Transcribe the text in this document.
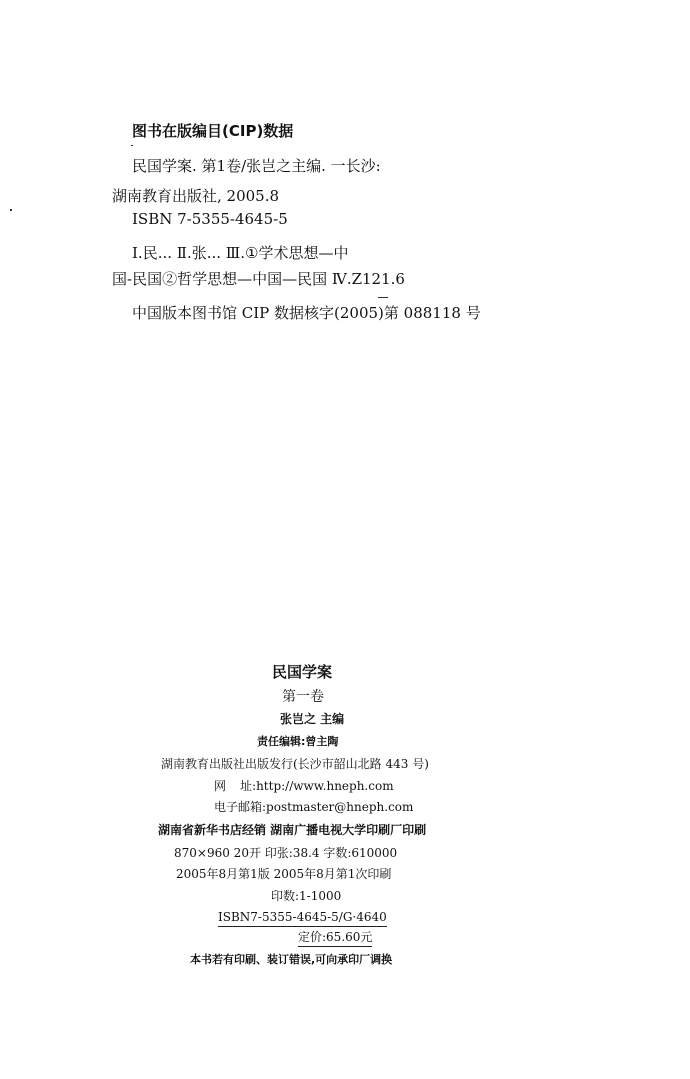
图书在版编目(CIP)数据
民国学案. 第1卷/张岂之主编. 一长沙:
湖南教育出版社, 2005.8
ISBN 7-5355-4645-5
Ⅰ.民... Ⅱ.张... Ⅲ.①学术思想—中
国-民国②哲学思想—中国—民国 Ⅳ.Z121.6
中国版本图书馆 CIP 数据核字(2005)第 088118 号
民国学案
第一卷
张岂之 主编
责任编辑:曾主陶
湖南教育出版社出版发行(长沙市韶山北路 443 号)
网 址:http://www.hneph.com
电子邮箱:postmaster@hneph.com
湖南省新华书店经销 湖南广播电视大学印刷厂印刷
870×960 20开 印张:38.4 字数:610000
2005年8月第1版 2005年8月第1次印刷
印数:1-1000
ISBN7-5355-4645-5/G·4640
定价:65.60元
本书若有印刷、装订错误,可向承印厂调换
